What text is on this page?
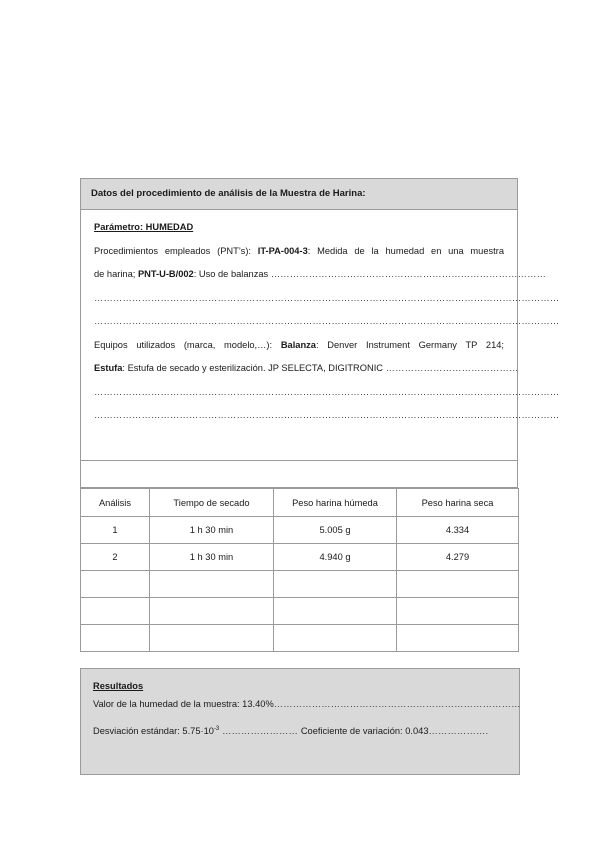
Datos del procedimiento de análisis de la Muestra de Harina:
Parámetro: HUMEDAD
Procedimientos empleados (PNT’s): IT-PA-004-3: Medida de la humedad en una muestra
de harina; PNT-U-B/002: Uso de balanzas ……………………………………………………………………………
…………………………………………………………………………………………………………………………………
…………………………………………………………………………………………………………………………………
Equipos utilizados (marca, modelo,…): Balanza: Denver Instrument Germany TP 214;
Estufa: Estufa de secado y esterilización. JP SELECTA, DIGITRONIC ……………………………………
…………………………………………………………………………………………………………………………………
…………………………………………………………………………………………………………………………………
Análisis	Tiempo de secado	Peso harina húmeda	Peso harina seca
1	1 h 30 min	5.005 g	4.334
2	1 h 30 min	4.940 g	4.279

Resultados
Valor de la humedad de la muestra: 13.40%……………………………………………………………………
Desviación estándar: $5.75\cdot 10^{-3}$ …………………… Coeficiente de variación: 0.043……………….
